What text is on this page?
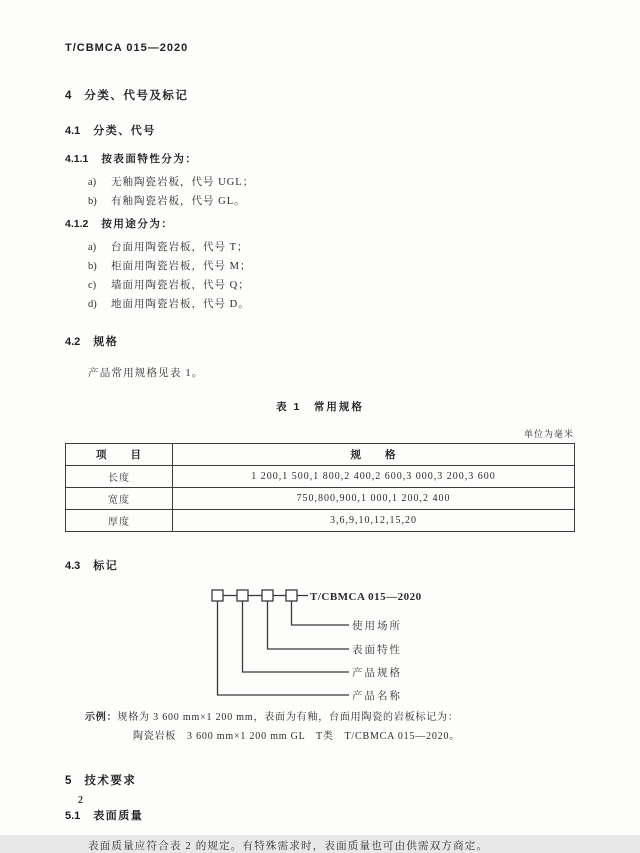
T/CBMCA 015—2020
4 分类、代号及标记
4.1 分类、代号
4.1.1 按表面特性分为：
a)	无釉陶瓷岩板，代号 UGL；
b)	有釉陶瓷岩板，代号 GL。
4.1.2 按用途分为：
a)	台面用陶瓷岩板，代号 T；
b)	柜面用陶瓷岩板，代号 M；
c)	墙面用陶瓷岩板，代号 Q；
d)	地面用陶瓷岩板，代号 D。
4.2 规格
产品常用规格见表 1。
表 1　常用规格
单位为毫米
项　　目	规　　格
长度	1 200,1 500,1 800,2 400,2 600,3 000,3 200,3 600
宽度	750,800,900,1 000,1 200,2 400
厚度	3,6,9,10,12,15,20
4.3 标记
T/CBMCA 015—2020
使用场所
表面特性
产品规格
产品名称
示例：规格为 3 600 mm×1 200 mm，表面为有釉，台面用陶瓷的岩板标记为：
陶瓷岩板　3 600 mm×1 200 mm GL　T类　T/CBMCA 015—2020。
5 技术要求
5.1 表面质量
表面质量应符合表 2 的规定。有特殊需求时，表面质量也可由供需双方商定。
2
